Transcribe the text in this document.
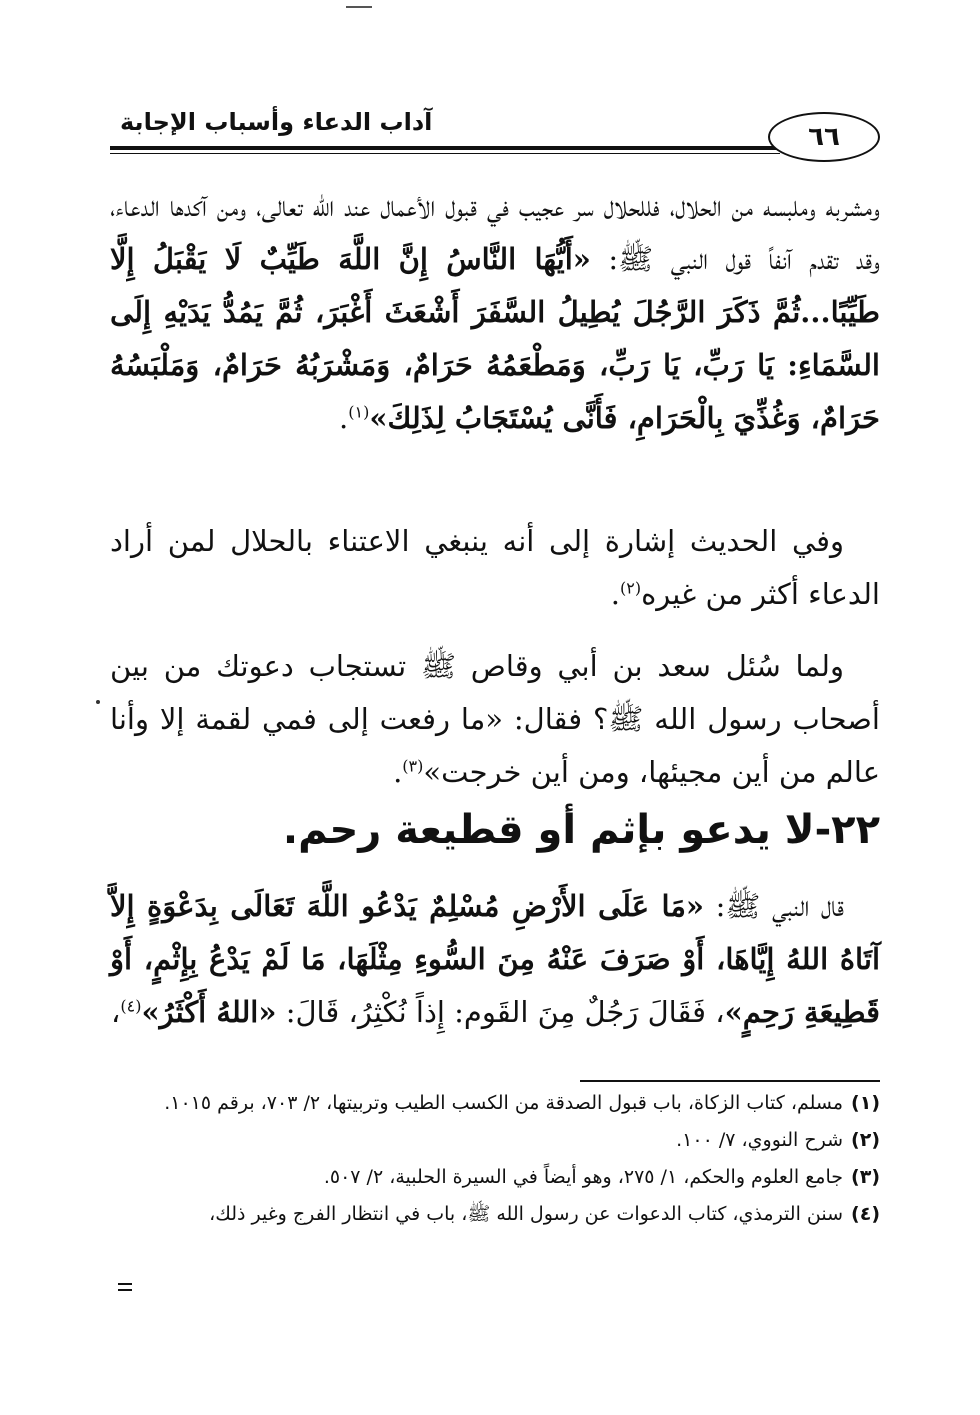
آداب الدعاء وأسباب الإجابة	٦٦
ومشربه وملبسه من الحلال، فللحلال سر عجيب في قبول الأعمال عند الله تعالى، ومن آكدها الدعاء، وقد تقدم آنفاً قول النبي ﷺ: «أَيُّهَا النَّاسُ إِنَّ اللَّهَ طَيِّبٌ لَا يَقْبَلُ إِلَّا طَيِّبًا...ثُمَّ ذَكَرَ الرَّجُلَ يُطِيلُ السَّفَرَ أَشْعَثَ أَغْبَرَ، ثُمَّ يَمُدُّ يَدَيْهِ إِلَى السَّمَاءِ: يَا رَبِّ، يَا رَبِّ، وَمَطْعَمُهُ حَرَامٌ، وَمَشْرَبُهُ حَرَامٌ، وَمَلْبَسُهُ حَرَامٌ، وَغُذِّيَ بِالْحَرَامِ، فَأَنَّى يُسْتَجَابُ لِذَلِكَ»$^{(١)}$.
وفي الحديث إشارة إلى أنه ينبغي الاعتناء بالحلال لمن أراد الدعاء أكثر من غيره$^{(٢)}$.
ولما سُئل سعد بن أبي وقاص ﷺ تستجاب دعوتك من بين أصحاب رسول الله ﷺ؟ فقال: «ما رفعت إلى فمي لقمة إلا وأنا عالم من أين مجيئها، ومن أين خرجت»$^{(٣)}$.
٢٢-لا يدعو بإثم أو قطيعة رحم.
قال النبي ﷺ: «مَا عَلَى الأَرْضِ مُسْلِمٌ يَدْعُو اللَّهَ تَعَالَى بِدَعْوَةٍ إِلاَّ آتَاهُ اللهُ إِيَّاهَا، أَوْ صَرَفَ عَنْهُ مِنَ السُّوءِ مِثْلَهَا، مَا لَمْ يَدْعُ بِإِثْمٍ، أَوْ قَطِيعَةِ رَحِمٍ»، فَقَالَ رَجُلٌ مِنَ القَوم: إِذاً نُكْثِرُ، قَالَ: «اللهُ أَكْثَرُ»$^{(٤)}$،
(١)مسلم، كتاب الزكاة، باب قبول الصدقة من الكسب الطيب وتربيتها، ٢/ ٧٠٣، برقم ١٠١٥.
(٢)شرح النووي، ٧/ ١٠٠.
(٣)جامع العلوم والحكم، ١/ ٢٧٥، وهو أيضاً في السيرة الحلبية، ٢/ ٥٠٧.
(٤)سنن الترمذي، كتاب الدعوات عن رسول الله ﷺ، باب في انتظار الفرج وغير ذلك،
